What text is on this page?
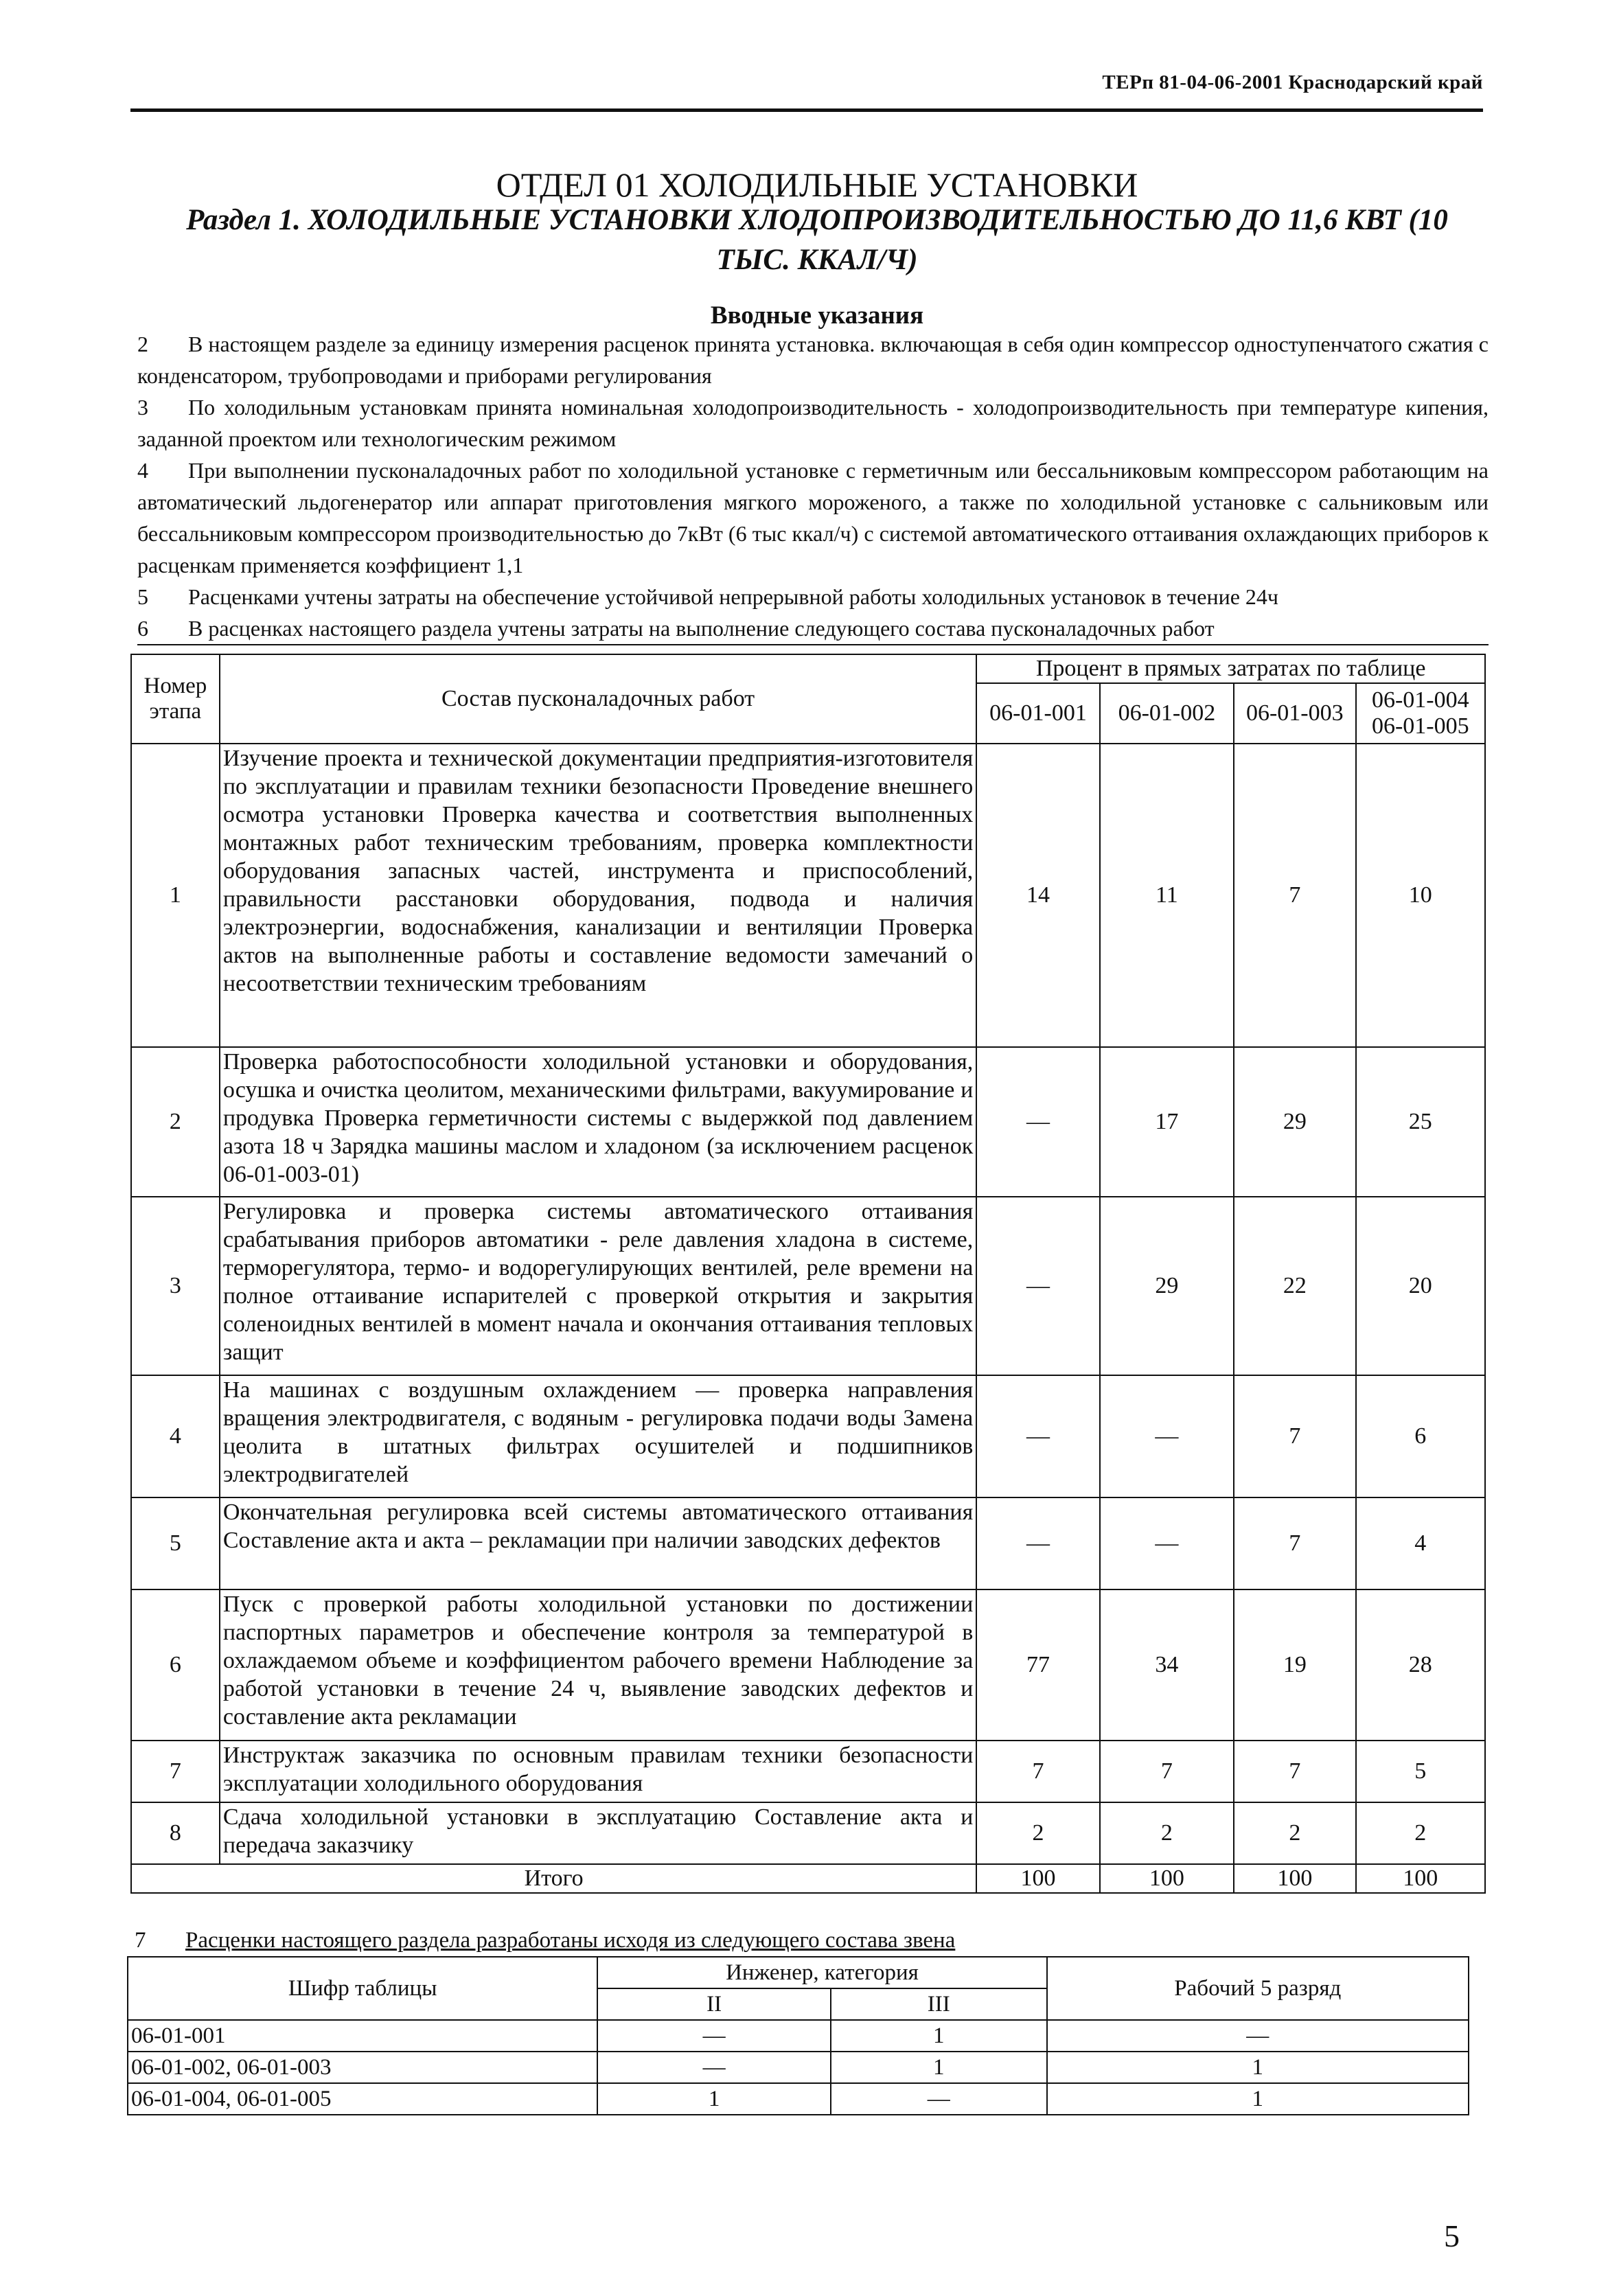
ТЕРп 81-04-06-2001 Краснодарский край
ОТДЕЛ 01 ХОЛОДИЛЬНЫЕ УСТАНОВКИ
Раздел 1. ХОЛОДИЛЬНЫЕ УСТАНОВКИ ХЛОДОПРОИЗВОДИТЕЛЬНОСТЬЮ ДО 11,6 КВТ (10 ТЫС. ККАЛ/Ч)
Вводные указания

2 В настоящем разделе за единицу измерения расценок принята установка. включающая в себя один компрессор одноступенчатого сжатия с конденсатором, трубопроводами и приборами регулирования

3 По холодильным установкам принята номинальная холодопроизводительность - холодопроизводительность при температуре кипения, заданной проектом или технологическим режимом

4 При выполнении пусконаладочных работ по холодильной установке с герметичным или бессальниковым компрессором работающим на автоматический льдогенератор или аппарат приготовления мягкого мороженого, а также по холодильной установке с сальниковым или бессальниковым компрессором производительностью до 7кВт (6 тыс ккал/ч) с системой автоматического оттаивания охлаждающих приборов к расценкам применяется коэффициент 1,1

5 Расценками учтены затраты на обеспечение устойчивой непрерывной работы холодильных установок в течение 24ч

6 В расценках настоящего раздела учтены затраты на выполнение следующего состава пусконаладочных работ

Номер этапа	Состав пусконаладочных работ	Процент в прямых затратах по таблице			
		06-01-001	06-01-002	06-01-003	06-01-004 06-01-005
1	Изучение проекта и технической документации предприятия-изготовителя по эксплуатации и правилам техники безопасности Проведение внешнего осмотра установки Проверка качества и соответствия выполненных монтажных работ техническим требованиям, проверка комплектности оборудования запасных частей, инструмента и приспособлений, правильности расстановки оборудования, подвода и наличия электроэнергии, водоснабжения, канализации и вентиляции Проверка актов на выполненные работы и составление ведомости замечаний о несоответствии техническим требованиям	14	11	7	10
2	Проверка работоспособности холодильной установки и оборудования, осушка и очистка цеолитом, механическими фильтрами, вакуумирование и продувка Проверка герметичности системы с выдержкой под давлением азота 18 ч Зарядка машины маслом и хладоном (за исключением расценок 06-01-003-01)	—	17	29	25
3	Регулировка и проверка системы автоматического оттаивания срабатывания приборов автоматики - реле давления хладона в системе, терморегулятора, термо- и водорегулирующих вентилей, реле времени на полное оттаивание испарителей с проверкой открытия и закрытия соленоидных вентилей в момент начала и окончания оттаивания тепловых защит	—	29	22	20
4	На машинах с воздушным охлаждением — проверка направления вращения электродвигателя, с водяным - регулировка подачи воды Замена цеолита в штатных фильтрах осушителей и подшипников электродвигателей	—	—	7	6
5	Окончательная регулировка всей системы автоматического оттаивания Составление акта и акта – рекламации при наличии заводских дефектов	—	—	7	4
6	Пуск с проверкой работы холодильной установки по достижении паспортных параметров и обеспечение контроля за температурой в охлаждаемом объеме и коэффициентом рабочего времени Наблюдение за работой установки в течение 24 ч, выявление заводских дефектов и составление акта рекламации	77	34	19	28
7	Инструктаж заказчика по основным правилам техники безопасности эксплуатации холодильного оборудования	7	7	7	5
8	Сдача холодильной установки в эксплуатацию Составление акта и передача заказчику	2	2	2	2
Итого		100	100	100	100
7 Расценки настоящего раздела разработаны исходя из следующего состава звена
Шифр таблицы	Инженер, категория		Рабочий 5 разряд
	II	III	
06-01-001	—	1	—
06-01-002, 06-01-003	—	1	1
06-01-004, 06-01-005	1	—	1
5
